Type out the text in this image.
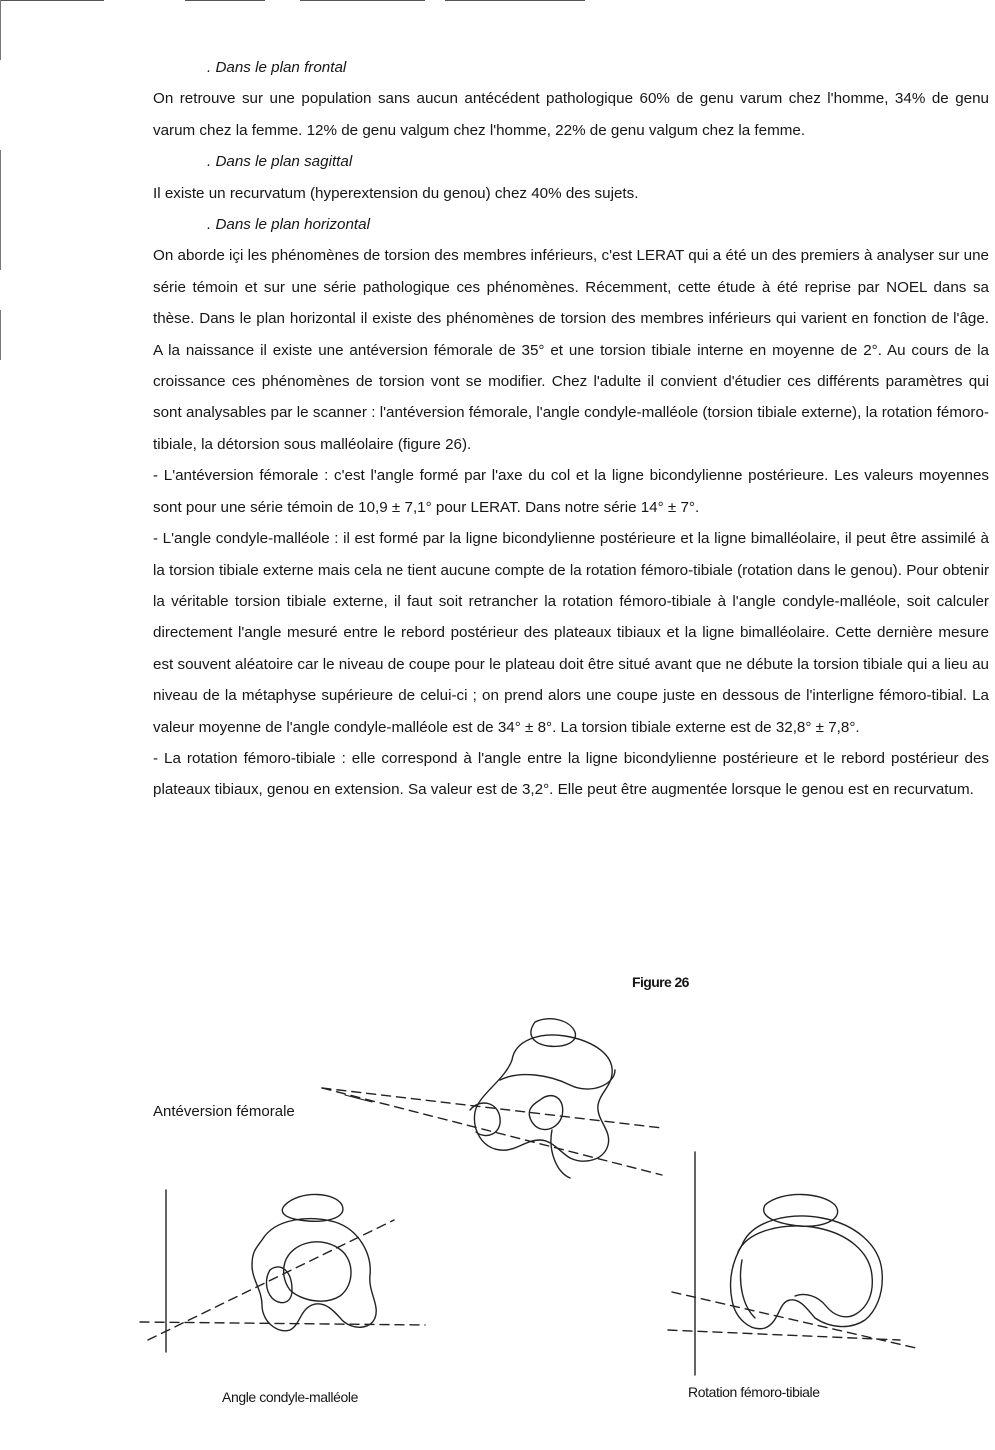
. Dans le plan frontal

On retrouve sur une population sans aucun antécédent pathologique 60% de genu varum chez l'homme, 34% de genu varum chez la femme. 12% de genu valgum chez l'homme, 22% de genu valgum chez la femme.

. Dans le plan sagittal

Il existe un recurvatum (hyperextension du genou) chez 40% des sujets.

. Dans le plan horizontal

On aborde içi les phénomènes de torsion des membres inférieurs, c'est LERAT qui a été un des premiers à analyser sur une série témoin et sur une série pathologique ces phénomènes. Récemment, cette étude à été reprise par NOEL dans sa thèse. Dans le plan horizontal il existe des phénomènes de torsion des membres inférieurs qui varient en fonction de l'âge. A la naissance il existe une antéversion fémorale de 35° et une torsion tibiale interne en moyenne de 2°. Au cours de la croissance ces phénomènes de torsion vont se modifier. Chez l'adulte il convient d'étudier ces différents paramètres qui sont analysables par le scanner : l'antéversion fémorale, l'angle condyle-malléole (torsion tibiale externe), la rotation fémoro-tibiale, la détorsion sous malléolaire (figure 26).

- L'antéversion fémorale : c'est l'angle formé par l'axe du col et la ligne bicondylienne postérieure. Les valeurs moyennes sont pour une série témoin de 10,9 ± 7,1° pour LERAT. Dans notre série 14° ± 7°.

- L'angle condyle-malléole : il est formé par la ligne bicondylienne postérieure et la ligne bimalléolaire, il peut être assimilé à la torsion tibiale externe mais cela ne tient aucune compte de la rotation fémoro-tibiale (rotation dans le genou). Pour obtenir la véritable torsion tibiale externe, il faut soit retrancher la rotation fémoro-tibiale à l'angle condyle-malléole, soit calculer directement l'angle mesuré entre le rebord postérieur des plateaux tibiaux et la ligne bimalléolaire. Cette dernière mesure est souvent aléatoire car le niveau de coupe pour le plateau doit être situé avant que ne débute la torsion tibiale qui a lieu au niveau de la métaphyse supérieure de celui-ci ; on prend alors une coupe juste en dessous de l'interligne fémoro-tibial. La valeur moyenne de l'angle condyle-malléole est de 34° ± 8°. La torsion tibiale externe est de 32,8° ± 7,8°.

- La rotation fémoro-tibiale : elle correspond à l'angle entre la ligne bicondylienne postérieure et le rebord postérieur des plateaux tibiaux, genou en extension. Sa valeur est de 3,2°. Elle peut être augmentée lorsque le genou est en recurvatum.

Figure 26
Antéversion fémorale
Angle condyle-malléole	Rotation fémoro-tibiale
